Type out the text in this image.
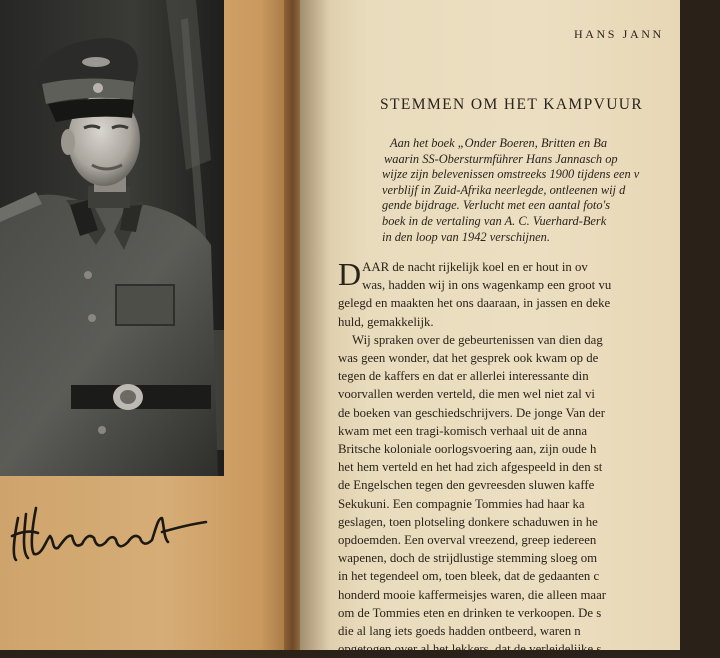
HANS JANN
STEMMEN OM HET KAMPVUUR
Aan het boek „Onder Boeren, Britten en Ba
waarin SS-Obersturmführer Hans Jannasch op
wijze zijn belevenissen omstreeks 1900 tijdens een v
verblijf in Zuid-Afrika neerlegde, ontleenen wij d
gende bijdrage. Verlucht met een aantal foto's
boek in de vertaling van A. C. Vuerhard-Berk
in den loop van 1942 verschijnen.
DAAR de nacht rijkelijk koel en er hout in ov
was, hadden wij in ons wagenkamp een groot vu
gelegd en maakten het ons daaraan, in jassen en deke
huld, gemakkelijk.
Wij spraken over de gebeurtenissen van dien dag
was geen wonder, dat het gesprek ook kwam op de
tegen de kaffers en dat er allerlei interessante din
voorvallen werden verteld, die men wel niet zal vi
de boeken van geschiedschrijvers. De jonge Van der
kwam met een tragi-komisch verhaal uit de anna
Britsche koloniale oorlogsvoering aan, zijn oude h
het hem verteld en het had zich afgespeeld in den st
de Engelschen tegen den gevreesden sluwen kaffe
Sekukuni. Een compagnie Tommies had haar ka
geslagen, toen plotseling donkere schaduwen in he
opdoemden. Een overval vreezend, greep iedereen
wapenen, doch de strijdlustige stemming sloeg om
in het tegendeel om, toen bleek, dat de gedaanten c
honderd mooie kaffermeisjes waren, die alleen maar
om de Tommies eten en drinken te verkoopen. De s
die al lang iets goeds hadden ontbeerd, waren n
opgetogen over al het lekkers, dat de verleidelijke s
